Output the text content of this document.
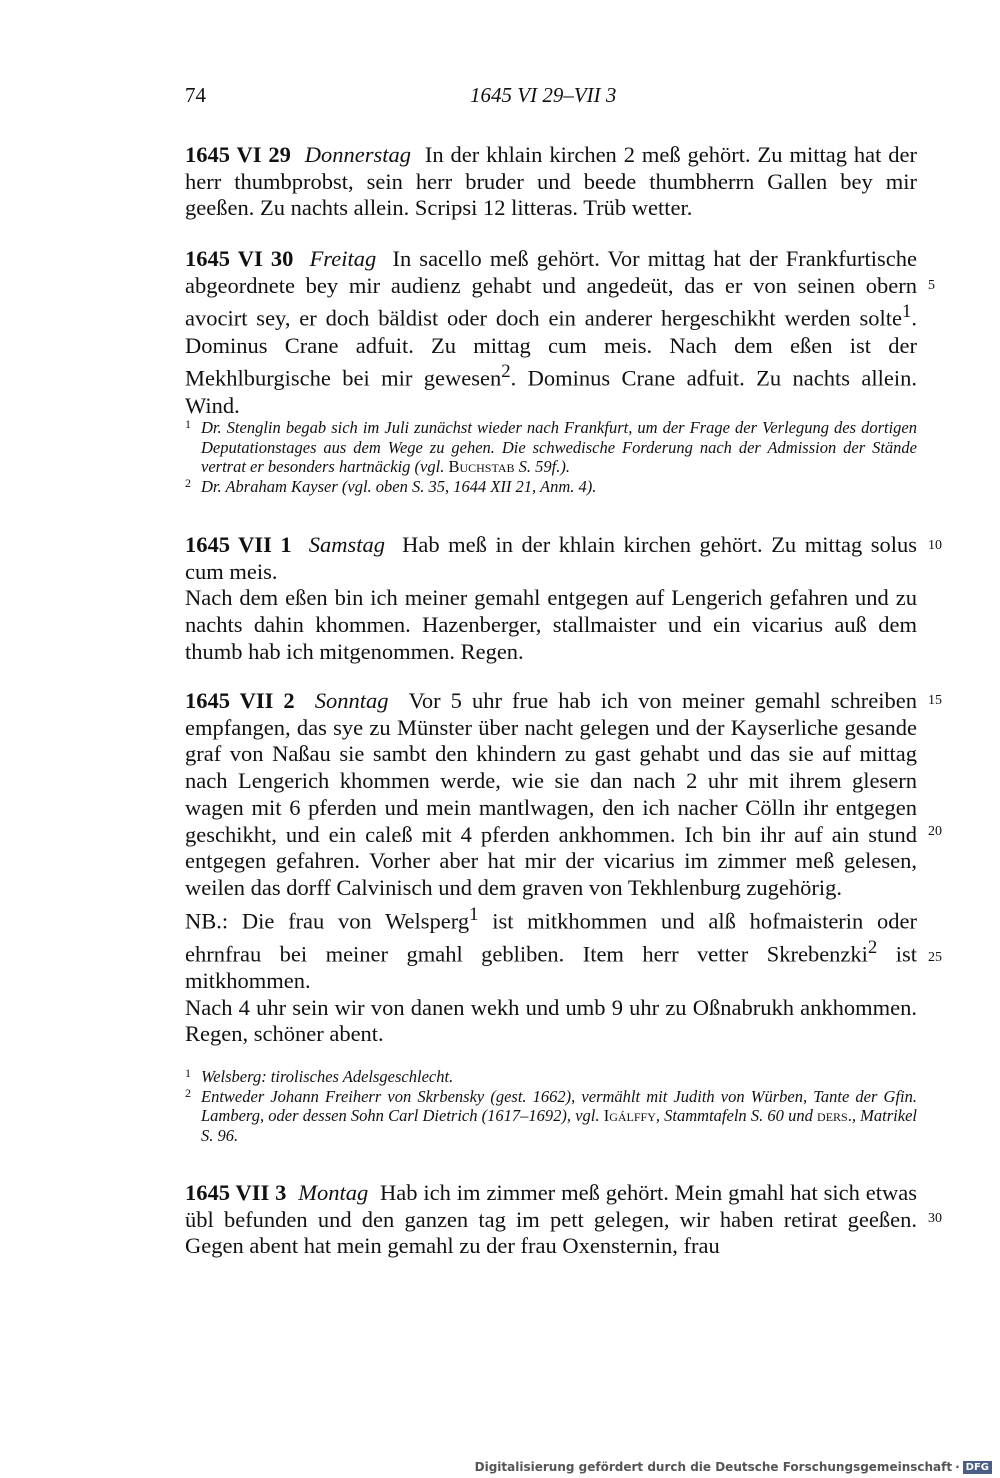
74	1645 VI 29–VII 3

1645 VI 29 Donnerstag In der khlain kirchen 2 meß gehört. Zu mittag hat der herr thumbprobst, sein herr bruder und beede thumbherrn Gallen bey mir geeßen. Zu nachts allein. Scripsi 12 litteras. Trüb wetter.

1645 VI 30 Freitag In sacello meß gehört. Vor mittag hat der Frankfurtische abgeordnete bey mir audienz gehabt und angedeüt, das er von seinen obern avocirt sey, er doch bäldist oder doch ein anderer hergeschikht werden solte$^1$. Dominus Crane adfuit. Zu mittag cum meis. Nach dem eßen ist der Mekhlburgische bei mir gewesen$^2$. Dominus Crane adfuit. Zu nachts allein. Wind.

1 Dr. Stenglin begab sich im Juli zunächst wieder nach Frankfurt, um der Frage der Verlegung des dortigen Deputationstages aus dem Wege zu gehen. Die schwedische Forderung nach der Admission der Stände vertrat er besonders hartnäckig (vgl. Buchstab S. 59f.).
2 Dr. Abraham Kayser (vgl. oben S. 35, 1644 XII 21, Anm. 4).

1645 VII 1 Samstag Hab meß in der khlain kirchen gehört. Zu mittag solus cum meis.

Nach dem eßen bin ich meiner gemahl entgegen auf Lengerich gefahren und zu nachts dahin khommen. Hazenberger, stallmaister und ein vicarius auß dem thumb hab ich mitgenommen. Regen.

1645 VII 2 Sonntag Vor 5 uhr frue hab ich von meiner gemahl schreiben empfangen, das sye zu Münster über nacht gelegen und der Kayserliche gesande graf von Naßau sie sambt den khindern zu gast gehabt und das sie auf mittag nach Lengerich khommen werde, wie sie dan nach 2 uhr mit ihrem glesern wagen mit 6 pferden und mein mantlwagen, den ich nacher Cölln ihr entgegen geschikht, und ein caleß mit 4 pferden ankhommen. Ich bin ihr auf ain stund entgegen gefahren. Vorher aber hat mir der vicarius im zimmer meß gelesen, weilen das dorff Calvinisch und dem graven von Tekhlenburg zugehörig.

NB.: Die frau von Welsperg$^1$ ist mitkhommen und alß hofmaisterin oder ehrnfrau bei meiner gmahl gebliben. Item herr vetter Skrebenzki$^2$ ist mitkhommen.

Nach 4 uhr sein wir von danen wekh und umb 9 uhr zu Oßnabrukh ankhommen. Regen, schöner abent.

1 Welsberg: tirolisches Adelsgeschlecht.
2 Entweder Johann Freiherr von Skrbensky (gest. 1662), vermählt mit Judith von Würben, Tante der Gfin. Lamberg, oder dessen Sohn Carl Dietrich (1617–1692), vgl. Igálffy, Stammtafeln S. 60 und ders., Matrikel S. 96.

1645 VII 3 Montag Hab ich im zimmer meß gehört. Mein gmahl hat sich etwas übl befunden und den ganzen tag im pett gelegen, wir haben retirat geeßen. Gegen abent hat mein gemahl zu der frau Oxensternin, frau

5
10
15
20
25
30
Digitalisierung gefördert durch die Deutsche Forschungsgemeinschaft · DFG
